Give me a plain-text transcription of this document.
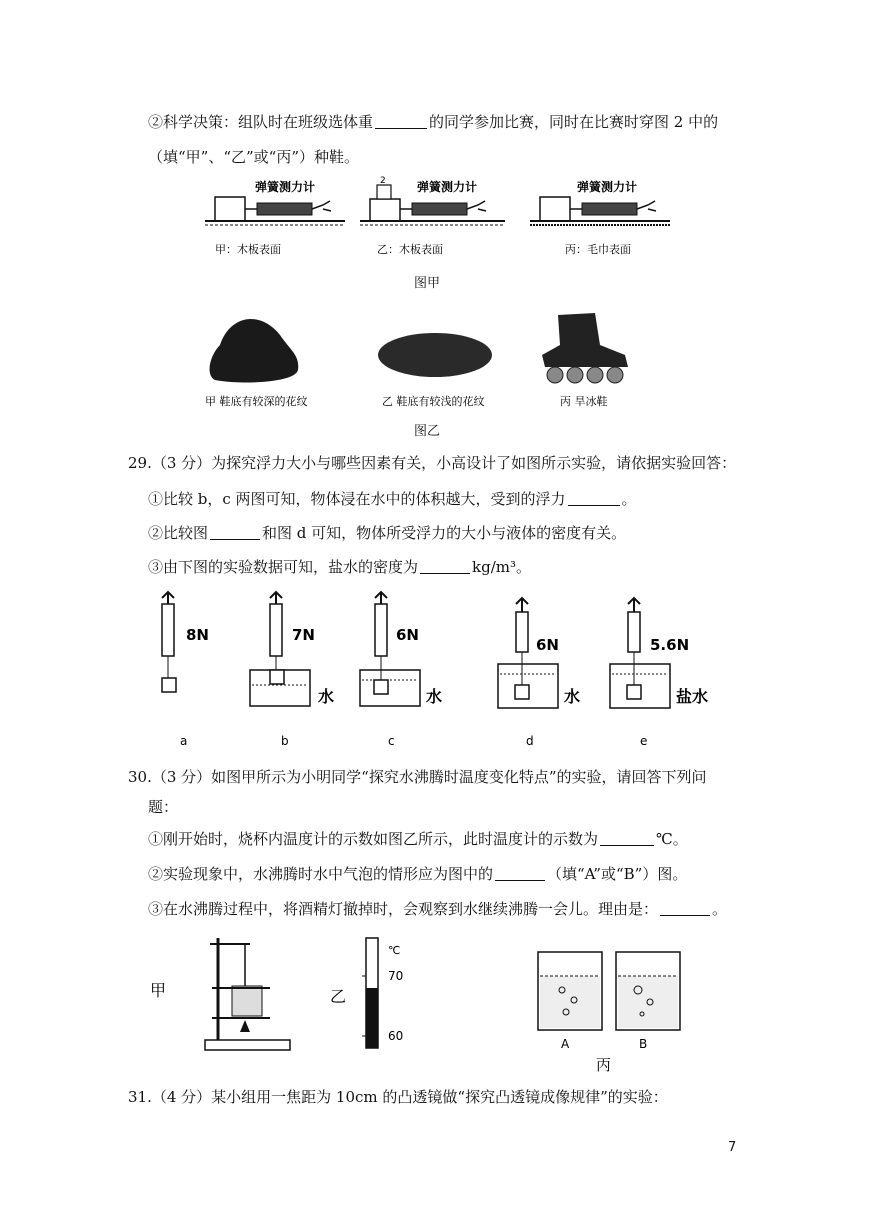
②科学决策：组队时在班级选体重	的同学参加比赛，同时在比赛时穿图 2 中的
（填“甲”、“乙”或“丙”）种鞋。
弹簧测力计	2	弹簧测力计	弹簧测力计
甲：木板表面	乙：木板表面	丙：毛巾表面
图甲
甲 鞋底有较深的花纹	乙 鞋底有较浅的花纹	丙 旱冰鞋
图乙
29.（3 分）为探究浮力大小与哪些因素有关，小高设计了如图所示实验，请依据实验回答：
①比较 b，c 两图可知，物体浸在水中的体积越大，受到的浮力	。
②比较图	和图 d 可知，物体所受浮力的大小与液体的密度有关。
③由下图的实验数据可知，盐水的密度为	kg/m³。
a	b	c	d	e
8N	7N
水
6N
水
6N
水
5.6N
盐水
30.（3 分）如图甲所示为小明同学“探究水沸腾时温度变化特点”的实验，请回答下列问
题：
①刚开始时，烧杯内温度计的示数如图乙所示，此时温度计的示数为	℃。
②实验现象中，水沸腾时水中气泡的情形应为图中的	（填“A”或“B”）图。
③在水沸腾过程中，将酒精灯撤掉时，会观察到水继续沸腾一会儿。理由是：	。
甲	乙
℃
70
60
A	B
丙
31.（4 分）某小组用一焦距为 10cm 的凸透镜做“探究凸透镜成像规律”的实验：
7
